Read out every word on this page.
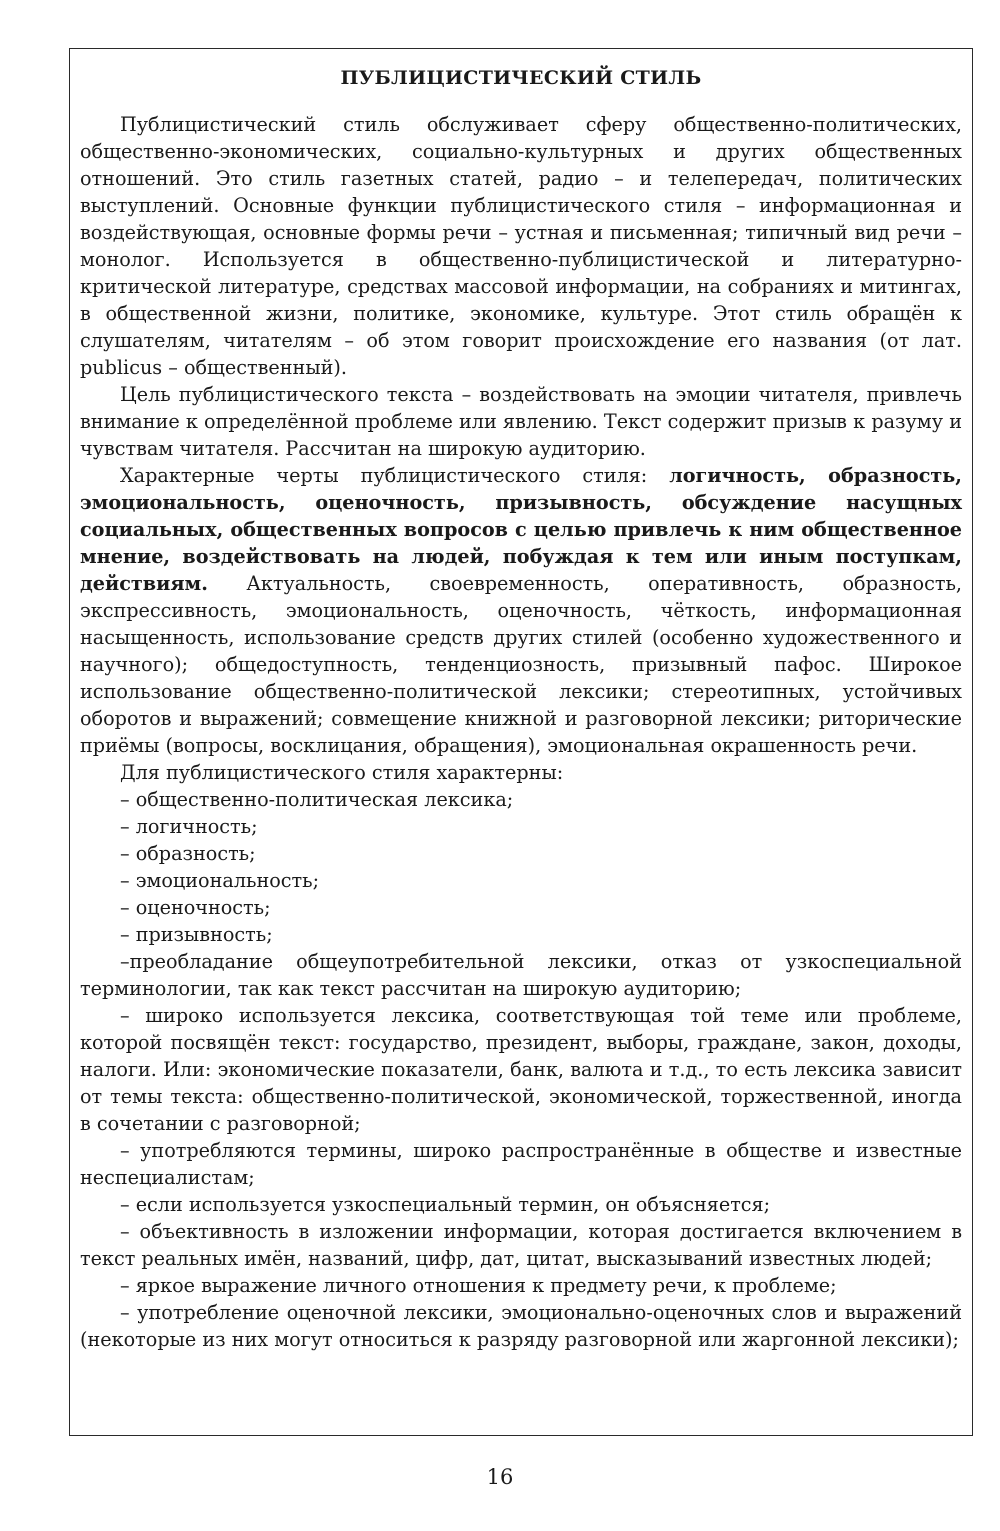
ПУБЛИЦИСТИЧЕСКИЙ СТИЛЬ

Публицистический стиль обслуживает сферу общественно-политических, общественно-экономических, социально-культурных и других общественных отношений. Это стиль газетных статей, радио – и телепередач, политических выступлений. Основные функции публицистического стиля – информационная и воздействующая, основные формы речи – устная и письменная; типичный вид речи – монолог. Используется в общественно-публицистической и литературно-критической литературе, средствах массовой информации, на собраниях и митингах, в общественной жизни, политике, экономике, культуре. Этот стиль обращён к слушателям, читателям – об этом говорит происхождение его названия (от лат. publicus – общественный).

Цель публицистического текста – воздействовать на эмоции читателя, привлечь внимание к определённой проблеме или явлению. Текст содержит призыв к разуму и чувствам читателя. Рассчитан на широкую аудиторию.

Характерные черты публицистического стиля: логичность, образность, эмоциональность, оценочность, призывность, обсуждение насущных социальных, общественных вопросов с целью привлечь к ним общественное мнение, воздействовать на людей, побуждая к тем или иным поступкам, действиям. Актуальность, своевременность, оперативность, образность, экспрессивность, эмоциональность, оценочность, чёткость, информационная насыщенность, использование средств других стилей (особенно художественного и научного); общедоступность, тенденциозность, призывный пафос. Широкое использование общественно-политической лексики; стереотипных, устойчивых оборотов и выражений; совмещение книжной и разговорной лексики; риторические приёмы (вопросы, восклицания, обращения), эмоциональная окрашенность речи.

Для публицистического стиля характерны:

– общественно-политическая лексика;

– логичность;

– образность;

– эмоциональность;

– оценочность;

– призывность;

–преобладание общеупотребительной лексики, отказ от узкоспециальной терминологии, так как текст рассчитан на широкую аудиторию;

– широко используется лексика, соответствующая той теме или проблеме, которой посвящён текст: государство, президент, выборы, граждане, закон, доходы, налоги. Или: экономические показатели, банк, валюта и т.д., то есть лексика зависит от темы текста: общественно-политической, экономической, торжественной, иногда в сочетании с разговорной;

– употребляются термины, широко распространённые в обществе и известные неспециалистам;

– если используется узкоспециальный термин, он объясняется;

– объективность в изложении информации, которая достигается включением в текст реальных имён, названий, цифр, дат, цитат, высказываний известных людей;

– яркое выражение личного отношения к предмету речи, к проблеме;

– употребление оценочной лексики, эмоционально-оценочных слов и выражений (некоторые из них могут относиться к разряду разговорной или жаргонной лексики);

16
